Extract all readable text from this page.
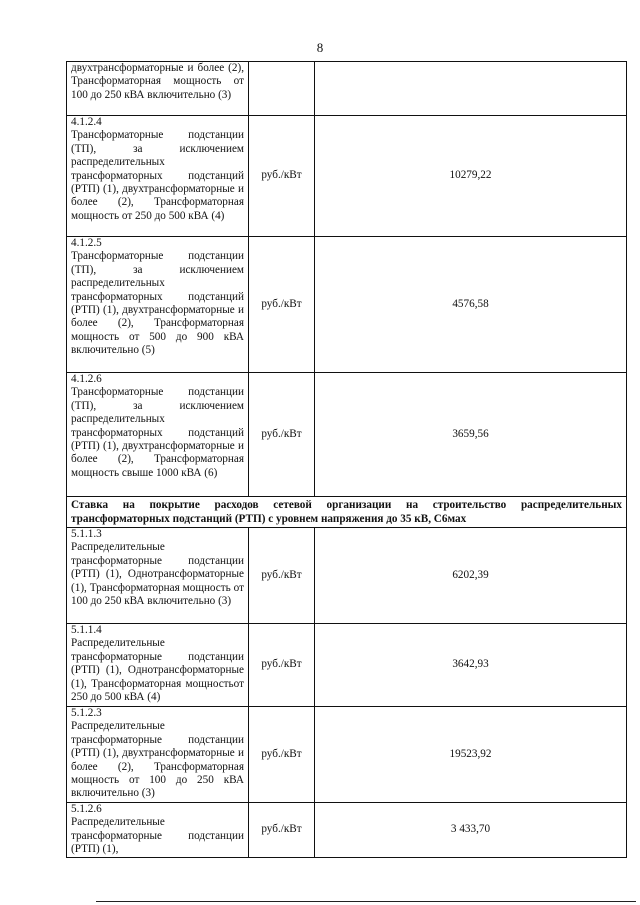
8
двухтрансформаторные и более (2), Трансформаторная мощность от 100 до 250 кВА включительно (3)		

4.1.2.4
Трансформаторные подстанции (ТП), за исключением распределительных трансформаторных подстанций (РТП) (1), двухтрансформаторные и более (2), Трансформаторная мощность от 250 до 500 кВА (4)	руб./кВт	10279,22

4.1.2.5
Трансформаторные подстанции (ТП), за исключением распределительных трансформаторных подстанций (РТП) (1), двухтрансформаторные и более (2), Трансформаторная мощность от 500 до 900 кВА включительно (5)	руб./кВт	4576,58

4.1.2.6
Трансформаторные подстанции (ТП), за исключением распределительных трансформаторных подстанций (РТП) (1), двухтрансформаторные и более (2), Трансформаторная мощность свыше 1000 кВА (6)	руб./кВт	3659,56
Ставка на покрытие расходов сетевой организации на строительство распределительных трансформаторных подстанций (РТП) с уровнем напряжения до 35 кВ, C6мах		

5.1.1.3
Распределительные трансформаторные подстанции (РТП) (1), Однотрансформаторные (1), Трансформаторная мощность от 100 до 250 кВА включительно (3)	руб./кВт	6202,39

5.1.1.4
Распределительные трансформаторные подстанции (РТП) (1), Однотрансформаторные (1), Трансформаторная мощностьот 250 до 500 кВА (4)	руб./кВт	3642,93

5.1.2.3
Распределительные трансформаторные подстанции (РТП) (1), двухтрансформаторные и более (2), Трансформаторная мощность от 100 до 250 кВА включительно (3)	руб./кВт	19523,92

5.1.2.6
Распределительные трансформаторные подстанции (РТП) (1),	руб./кВт	3 433,70
